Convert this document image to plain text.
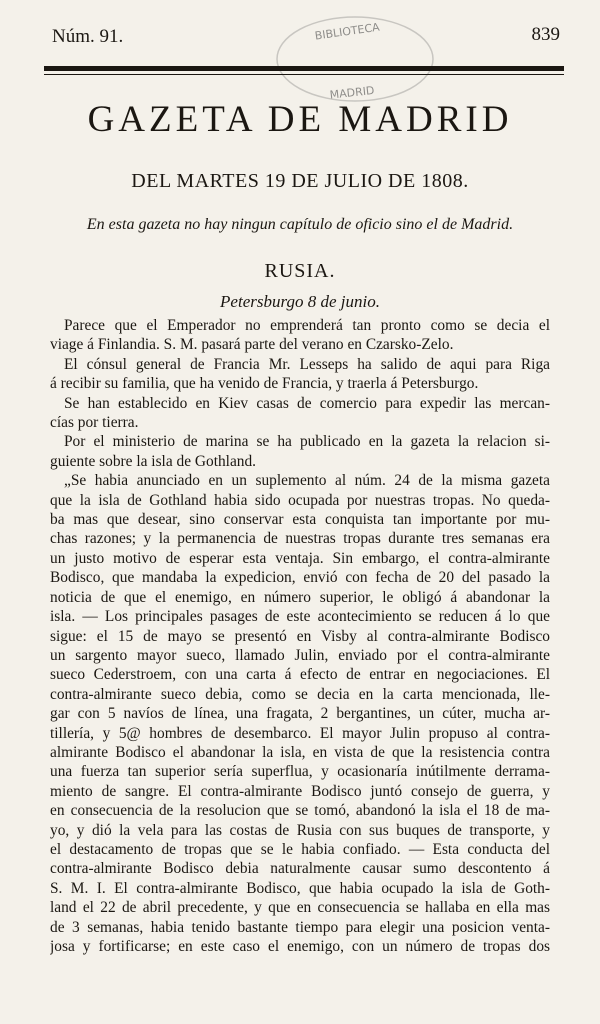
BIBLIOTECA
MADRID
Núm. 91.	839
GAZETA DE MADRID
DEL MARTES 19 DE JULIO DE 1808.
En esta gazeta no hay ningun capítulo de oficio sino el de Madrid.
RUSIA.
Petersburgo 8 de junio.
Parece que el Emperador no emprenderá tan pronto como se decia el
viage á Finlandia. S. M. pasará parte del verano en Czarsko-Zelo.
El cónsul general de Francia Mr. Lesseps ha salido de aqui para Riga
á recibir su familia, que ha venido de Francia, y traerla á Petersburgo.
Se han establecido en Kiev casas de comercio para expedir las mercan-
cías por tierra.
Por el ministerio de marina se ha publicado en la gazeta la relacion si-
guiente sobre la isla de Gothland.
„Se habia anunciado en un suplemento al núm. 24 de la misma gazeta
que la isla de Gothland habia sido ocupada por nuestras tropas. No queda-
ba mas que desear, sino conservar esta conquista tan importante por mu-
chas razones; y la permanencia de nuestras tropas durante tres semanas era
un justo motivo de esperar esta ventaja. Sin embargo, el contra-almirante
Bodisco, que mandaba la expedicion, envió con fecha de 20 del pasado la
noticia de que el enemigo, en número superior, le obligó á abandonar la
isla. — Los principales pasages de este acontecimiento se reducen á lo que
sigue: el 15 de mayo se presentó en Visby al contra-almirante Bodisco
un sargento mayor sueco, llamado Julin, enviado por el contra-almirante
sueco Cederstroem, con una carta á efecto de entrar en negociaciones. El
contra-almirante sueco debia, como se decia en la carta mencionada, lle-
gar con 5 navíos de línea, una fragata, 2 bergantines, un cúter, mucha ar-
tillería, y 5@ hombres de desembarco. El mayor Julin propuso al contra-
almirante Bodisco el abandonar la isla, en vista de que la resistencia contra
una fuerza tan superior sería superflua, y ocasionaría inútilmente derrama-
miento de sangre. El contra-almirante Bodisco juntó consejo de guerra, y
en consecuencia de la resolucion que se tomó, abandonó la isla el 18 de ma-
yo, y dió la vela para las costas de Rusia con sus buques de transporte, y
el destacamento de tropas que se le habia confiado. — Esta conducta del
contra-almirante Bodisco debia naturalmente causar sumo descontento á
S. M. I. El contra-almirante Bodisco, que habia ocupado la isla de Goth-
land el 22 de abril precedente, y que en consecuencia se hallaba en ella mas
de 3 semanas, habia tenido bastante tiempo para elegir una posicion venta-
josa y fortificarse; en este caso el enemigo, con un número de tropas dos
